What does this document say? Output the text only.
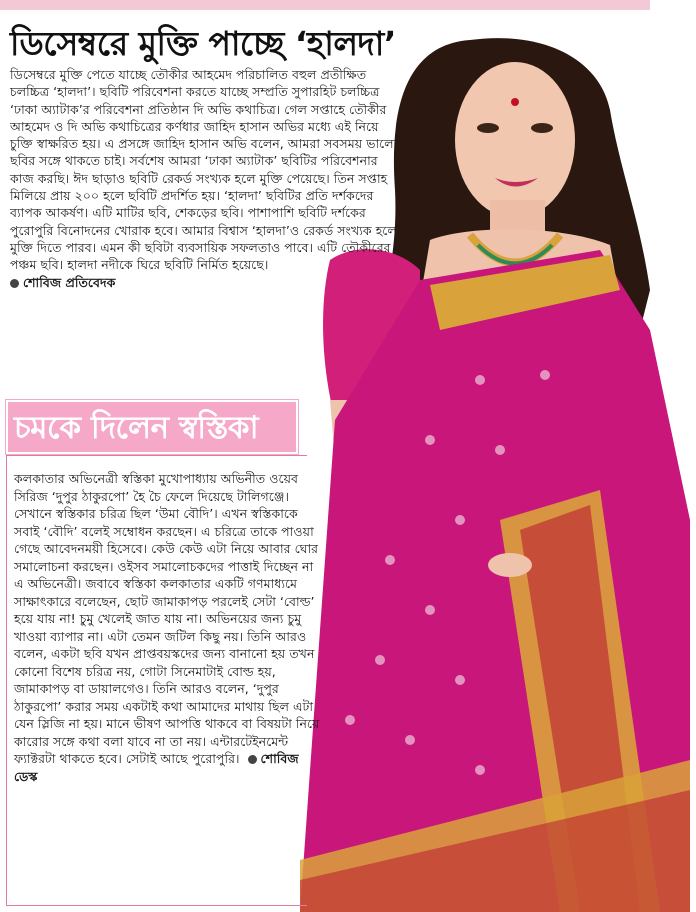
ডিসেম্বরে মুক্তি পাচ্ছে ‘হালদা’
ডিসেম্বরে মুক্তি পেতে যাচ্ছে তৌকীর আহমেদ পরিচালিত বহুল প্রতীক্ষিত চলচ্চিত্র ‘হালদা’। ছবিটি পরিবেশনা করতে যাচ্ছে সম্প্রতি সুপারহিট চলচ্চিত্র ‘ঢাকা অ্যাটাক’র পরিবেশনা প্রতিষ্ঠান দি অভি কথাচিত্র। গেল সপ্তাহে তৌকীর আহমেদ ও দি অভি কথাচিত্রের কর্ণধার জাহিদ হাসান অভির মধ্যে এই নিয়ে চুক্তি স্বাক্ষরিত হয়। এ প্রসঙ্গে জাহিদ হাসান অভি বলেন, আমরা সবসময় ভালো ছবির সঙ্গে থাকতে চাই। সর্বশেষ আমরা ‘ঢাকা অ্যাটাক’ ছবিটির পরিবেশনার কাজ করছি। ঈদ ছাড়াও ছবিটি রেকর্ড সংখ্যক হলে মুক্তি পেয়েছে। তিন সপ্তাহ মিলিয়ে প্রায় ২০০ হলে ছবিটি প্রদর্শিত হয়। ‘হালদা’ ছবিটির প্রতি দর্শকদের ব্যাপক আকর্ষণ। এটি মাটির ছবি, শেকড়ের ছবি। পাশাপাশি ছবিটি দর্শকের পুরোপুরি বিনোদনের খোরাক হবে। আমার বিশ্বাস ‘হালদা’ও রেকর্ড সংখ্যক হলে মুক্তি দিতে পারব। এমন কী ছবিটা ব্যবসায়িক সফলতাও পাবে। এটি তৌকীরের পঞ্চম ছবি। হালদা নদীকে ঘিরে ছবিটি নির্মিত হয়েছে।
শোবিজ প্রতিবেদক
চমকে দিলেন স্বস্তিকা
কলকাতার অভিনেত্রী স্বস্তিকা মুখোপাধ্যায় অভিনীত ওয়েব সিরিজ ‘দুপুর ঠাকুরপো’ হৈ চৈ ফেলে দিয়েছে টালিগঞ্জে। সেখানে স্বস্তিকার চরিত্র ছিল ‘উমা বৌদি’। এখন স্বস্তিকাকে সবাই ‘বৌদি’ বলেই সম্বোধন করছেন। এ চরিত্রে তাকে পাওয়া গেছে আবেদনময়ী হিসেবে। কেউ কেউ এটা নিয়ে আবার ঘোর সমালোচনা করছেন। ওইসব সমালোচকদের পাত্তাই দিচ্ছেন না এ অভিনেত্রী। জবাবে স্বস্তিকা কলকাতার একটি গণমাধ্যমে সাক্ষাৎকারে বলেছেন, ছোট জামাকাপড় পরলেই সেটা ‘বোল্ড’ হয়ে যায় না! চুমু খেলেই জাত যায় না। অভিনয়ের জন্য চুমু খাওয়া ব্যাপার না। এটা তেমন জটিল কিছু নয়। তিনি আরও বলেন, একটা ছবি যখন প্রাপ্তবয়স্কদের জন্য বানানো হয় তখন কোনো বিশেষ চরিত্র নয়, গোটা সিনেমাটাই বোল্ড হয়, জামাকাপড় বা ডায়ালগেও। তিনি আরও বলেন, ‘দুপুর ঠাকুরপো’ করার সময় একটাই কথা আমাদের মাথায় ছিল এটা যেন স্লিজি না হয়। মানে ভীষণ আপত্তি থাকবে বা বিষয়টা নিয়ে কারোর সঙ্গে কথা বলা যাবে না তা নয়। এন্টারটেইনমেন্ট ফ্যাক্টরটা থাকতে হবে। সেটাই আছে পুরোপুরি। শোবিজ ডেস্ক
